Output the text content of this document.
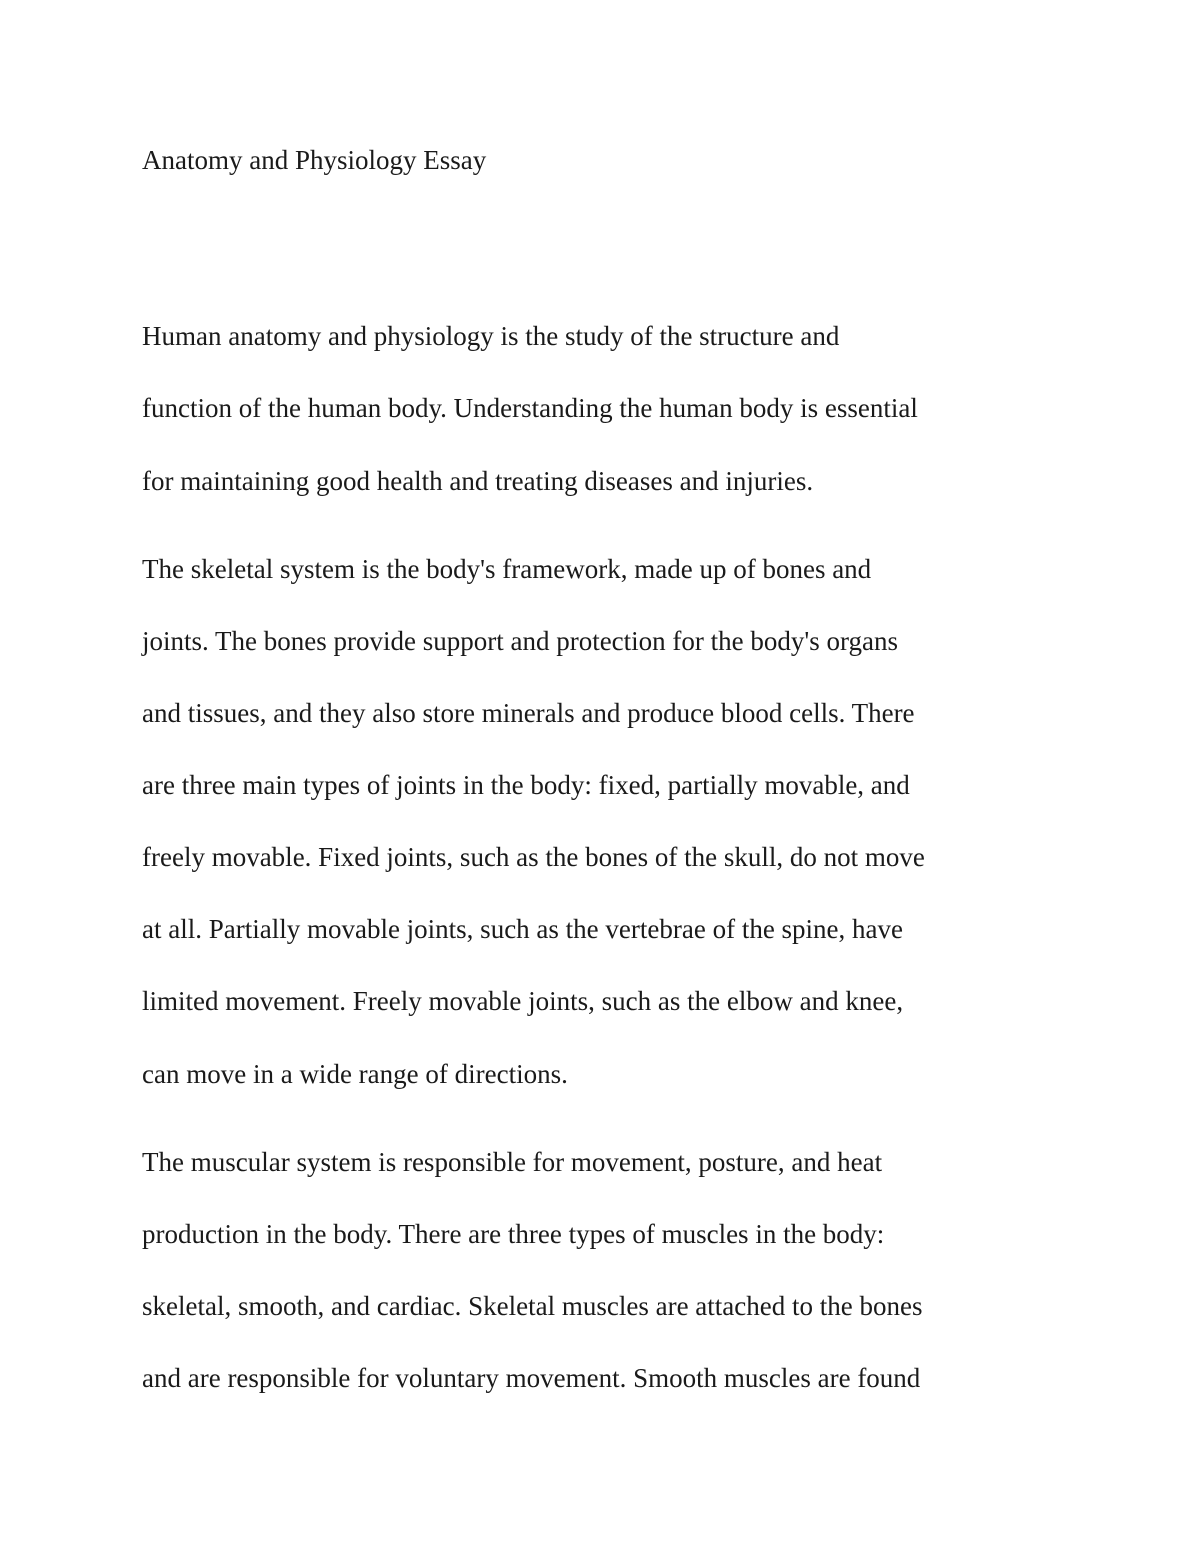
Anatomy and Physiology Essay

Human anatomy and physiology is the study of the structure and

function of the human body. Understanding the human body is essential

for maintaining good health and treating diseases and injuries.

The skeletal system is the body's framework, made up of bones and

joints. The bones provide support and protection for the body's organs

and tissues, and they also store minerals and produce blood cells. There

are three main types of joints in the body: fixed, partially movable, and

freely movable. Fixed joints, such as the bones of the skull, do not move

at all. Partially movable joints, such as the vertebrae of the spine, have

limited movement. Freely movable joints, such as the elbow and knee,

can move in a wide range of directions.

The muscular system is responsible for movement, posture, and heat

production in the body. There are three types of muscles in the body:

skeletal, smooth, and cardiac. Skeletal muscles are attached to the bones

and are responsible for voluntary movement. Smooth muscles are found
